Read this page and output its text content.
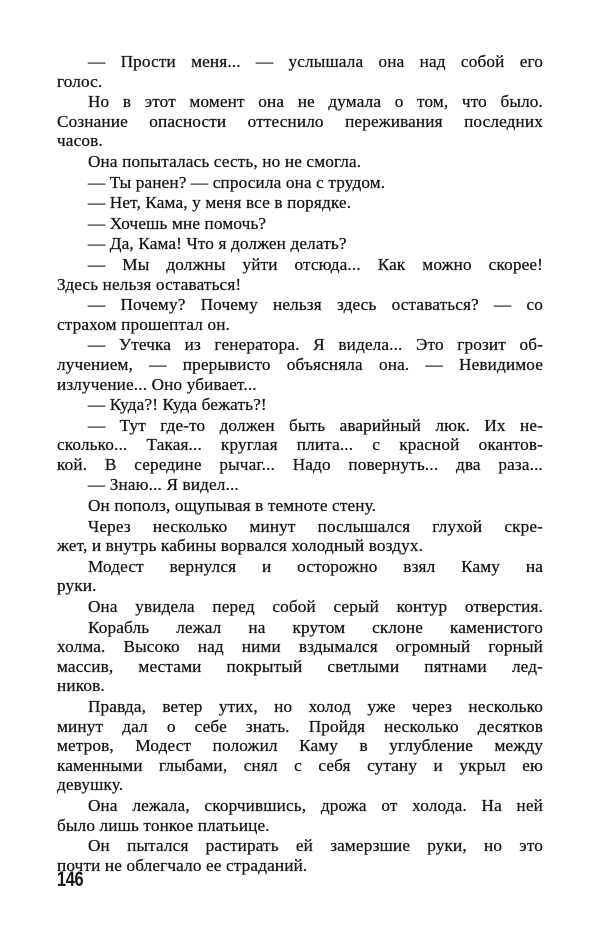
— Прости меня... — услышала она над собой его
голос.
Но в этот момент она не думала о том, что было.
Сознание опасности оттеснило переживания последних
часов.
Она попыталась сесть, но не смогла.
— Ты ранен? — спросила она с трудом.
— Нет, Кама, у меня все в порядке.
— Хочешь мне помочь?
— Да, Кама! Что я должен делать?
— Мы должны уйти отсюда... Как можно скорее!
Здесь нельзя оставаться!
— Почему? Почему нельзя здесь оставаться? — со
страхом прошептал он.
— Утечка из генератора. Я видела... Это грозит об-
лучением, — прерывисто объясняла она. — Невидимое
излучение... Оно убивает...
— Куда?! Куда бежать?!
— Тут где-то должен быть аварийный люк. Их не-
сколько... Такая... круглая плита... с красной окантов-
кой. В середине рычаг... Надо повернуть... два раза...
— Знаю... Я видел...
Он пополз, ощупывая в темноте стену.
Через несколько минут послышался глухой скре-
жет, и внутрь кабины ворвался холодный воздух.
Модест вернулся и осторожно взял Каму на
руки.
Она увидела перед собой серый контур отверстия.
Корабль лежал на крутом склоне каменистого
холма. Высоко над ними вздымался огромный горный
массив, местами покрытый светлыми пятнами лед-
ников.
Правда, ветер утих, но холод уже через несколько
минут дал о себе знать. Пройдя несколько десятков
метров, Модест положил Каму в углубление между
каменными глыбами, снял с себя сутану и укрыл ею
девушку.
Она лежала, скорчившись, дрожа от холода. На ней
было лишь тонкое платьице.
Он пытался растирать ей замерзшие руки, но это
почти не облегчало ее страданий.
146
